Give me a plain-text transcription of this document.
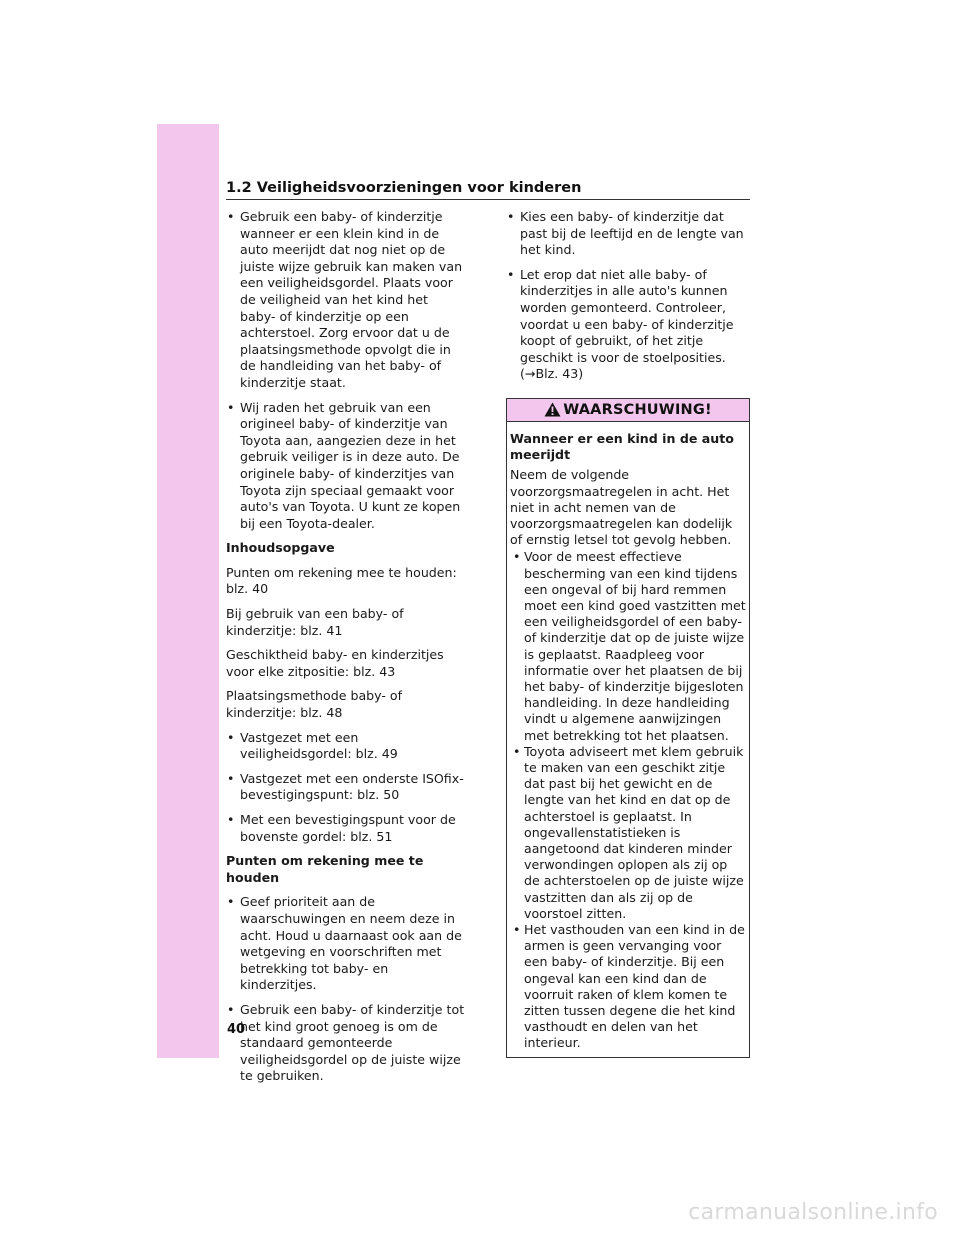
1.2 Veiligheidsvoorzieningen voor kinderen
• Gebruik een baby- of kinderzitje wanneer er een klein kind in de auto meerijdt dat nog niet op de juiste wijze gebruik kan maken van een veiligheidsgordel. Plaats voor de veiligheid van het kind het baby- of kinderzitje op een achterstoel. Zorg ervoor dat u de plaatsingsmethode opvolgt die in de handleiding van het baby- of kinderzitje staat.
• Wij raden het gebruik van een origineel baby- of kinderzitje van Toyota aan, aangezien deze in het gebruik veiliger is in deze auto. De originele baby- of kinderzitjes van Toyota zijn speciaal gemaakt voor auto's van Toyota. U kunt ze kopen bij een Toyota-dealer.
Inhoudsopgave
Punten om rekening mee te houden: blz. 40
Bij gebruik van een baby- of kinderzitje: blz. 41
Geschiktheid baby- en kinderzitjes voor elke zitpositie: blz. 43
Plaatsingsmethode baby- of kinderzitje: blz. 48
• Vastgezet met een veiligheidsgordel: blz. 49
• Vastgezet met een onderste ISOfix-bevestigingspunt: blz. 50
• Met een bevestigingspunt voor de bovenste gordel: blz. 51
Punten om rekening mee te houden
• Geef prioriteit aan de waarschuwingen en neem deze in acht. Houd u daarnaast ook aan de wetgeving en voorschriften met betrekking tot baby- en kinderzitjes.
• Gebruik een baby- of kinderzitje tot het kind groot genoeg is om de standaard gemonteerde veiligheidsgordel op de juiste wijze te gebruiken.
• Kies een baby- of kinderzitje dat past bij de leeftijd en de lengte van het kind.
• Let erop dat niet alle baby- of kinderzitjes in alle auto's kunnen worden gemonteerd. Controleer, voordat u een baby- of kinderzitje koopt of gebruikt, of het zitje geschikt is voor de stoelposities. (→Blz. 43)
WAARSCHUWING!
Wanneer er een kind in de auto meerijdt
Neem de volgende voorzorgsmaatregelen in acht. Het niet in acht nemen van de voorzorgsmaatregelen kan dodelijk of ernstig letsel tot gevolg hebben.
• Voor de meest effectieve bescherming van een kind tijdens een ongeval of bij hard remmen moet een kind goed vastzitten met een veiligheidsgordel of een baby- of kinderzitje dat op de juiste wijze is geplaatst. Raadpleeg voor informatie over het plaatsen de bij het baby- of kinderzitje bijgesloten handleiding. In deze handleiding vindt u algemene aanwijzingen met betrekking tot het plaatsen.
• Toyota adviseert met klem gebruik te maken van een geschikt zitje dat past bij het gewicht en de lengte van het kind en dat op de achterstoel is geplaatst. In ongevallenstatistieken is aangetoond dat kinderen minder verwondingen oplopen als zij op de achterstoelen op de juiste wijze vastzitten dan als zij op de voorstoel zitten.
• Het vasthouden van een kind in de armen is geen vervanging voor een baby- of kinderzitje. Bij een ongeval kan een kind dan de voorruit raken of klem komen te zitten tussen degene die het kind vasthoudt en delen van het interieur.
40
carmanualsonline.info
